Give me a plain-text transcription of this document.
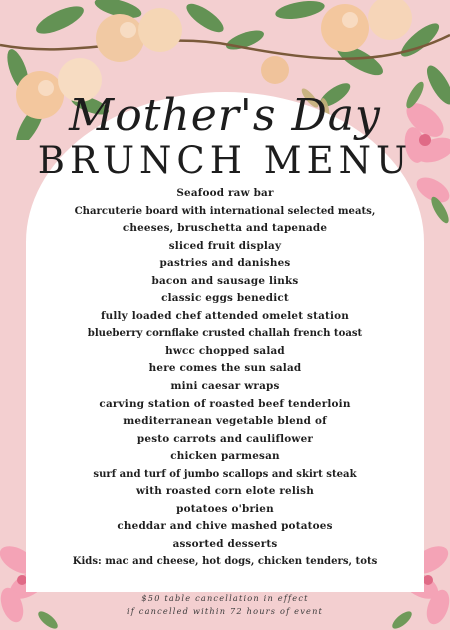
Mother's Day
BRUNCH MENU
Seafood raw bar
Charcuterie board with international selected meats,
cheeses, bruschetta and tapenade
sliced fruit display
pastries and danishes
bacon and sausage links
classic eggs benedict
fully loaded chef attended omelet station
blueberry cornflake crusted challah french toast
hwcc chopped salad
here comes the sun salad
mini caesar wraps
carving station of roasted beef tenderloin
mediterranean vegetable blend of
pesto carrots and cauliflower
chicken parmesan
surf and turf of jumbo scallops and skirt steak
with roasted corn elote relish
potatoes o'brien
cheddar and chive mashed potatoes
assorted desserts
Kids: mac and cheese, hot dogs, chicken tenders, tots
$50 table cancellation in effect
if cancelled within 72 hours of event
